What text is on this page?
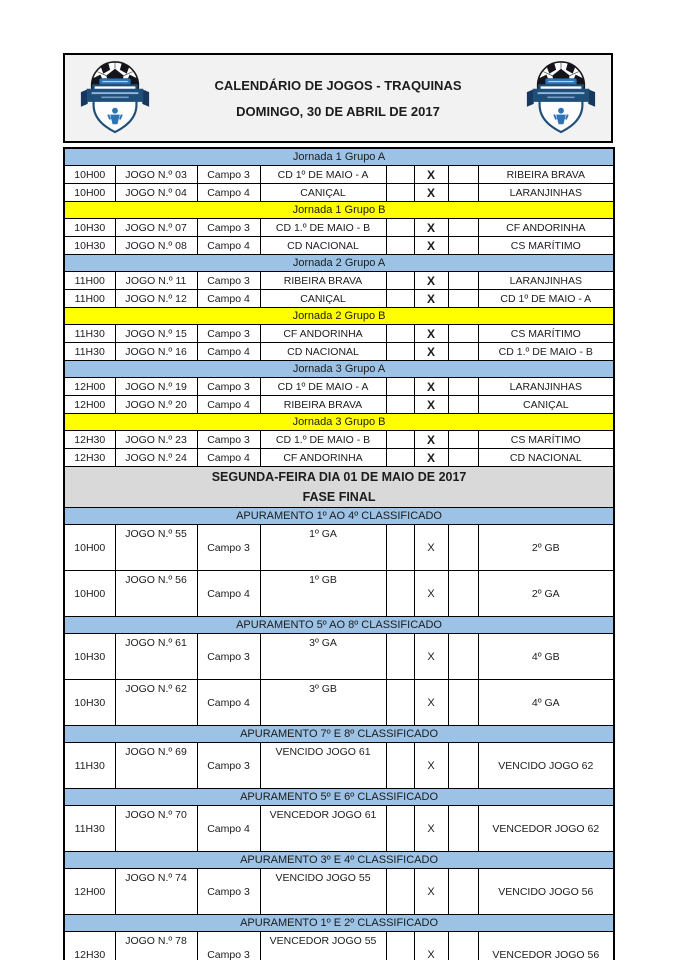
CALENDÁRIO DE JOGOS - TRAQUINAS
DOMINGO, 30 DE ABRIL DE 2017
Jornada 1 Grupo A							
10H00	JOGO N.º 03	Campo 3	CD 1º DE MAIO - A		X		RIBEIRA BRAVA
10H00	JOGO N.º 04	Campo 4	CANIÇAL		X		LARANJINHAS
Jornada 1 Grupo B							
10H30	JOGO N.º 07	Campo 3	CD 1.º DE MAIO - B		X		CF ANDORINHA
10H30	JOGO N.º 08	Campo 4	CD NACIONAL		X		CS MARÍTIMO
Jornada 2 Grupo A							
11H00	JOGO N.º 11	Campo 3	RIBEIRA BRAVA		X		LARANJINHAS
11H00	JOGO N.º 12	Campo 4	CANIÇAL		X		CD 1º DE MAIO - A
Jornada 2 Grupo B							
11H30	JOGO N.º 15	Campo 3	CF ANDORINHA		X		CS MARÍTIMO
11H30	JOGO N.º 16	Campo 4	CD NACIONAL		X		CD 1.º DE MAIO - B
Jornada 3 Grupo A							
12H00	JOGO N.º 19	Campo 3	CD 1º DE MAIO - A		X		LARANJINHAS
12H00	JOGO N.º 20	Campo 4	RIBEIRA BRAVA		X		CANIÇAL
Jornada 3 Grupo B							
12H30	JOGO N.º 23	Campo 3	CD 1.º DE MAIO - B		X		CS MARÍTIMO
12H30	JOGO N.º 24	Campo 4	CF ANDORINHA		X		CD NACIONAL

SEGUNDA-FEIRA DIA 01 DE MAIO DE 2017
FASE FINAL							

APURAMENTO 1º AO 4º CLASSIFICADO							
10H00	JOGO N.º 55	Campo 3	1º GA		X		2º GB
10H00	JOGO N.º 56	Campo 4	1º GB		X		2º GA
APURAMENTO 5º AO 8º CLASSIFICADO							
10H30	JOGO N.º 61	Campo 3	3º GA		X		4º GB
10H30	JOGO N.º 62	Campo 4	3º GB		X		4º GA
APURAMENTO 7º E 8º CLASSIFICADO							
11H30	JOGO N.º 69	Campo 3	VENCIDO JOGO 61		X		VENCIDO JOGO 62
APURAMENTO 5º E 6º CLASSIFICADO							
11H30	JOGO N.º 70	Campo 4	VENCEDOR JOGO 61		X		VENCEDOR JOGO 62
APURAMENTO 3º E 4º CLASSIFICADO							
12H00	JOGO N.º 74	Campo 3	VENCIDO JOGO 55		X		VENCIDO JOGO 56
APURAMENTO 1º E 2º CLASSIFICADO							
12H30	JOGO N.º 78	Campo 3	VENCEDOR JOGO 55		X		VENCEDOR JOGO 56
